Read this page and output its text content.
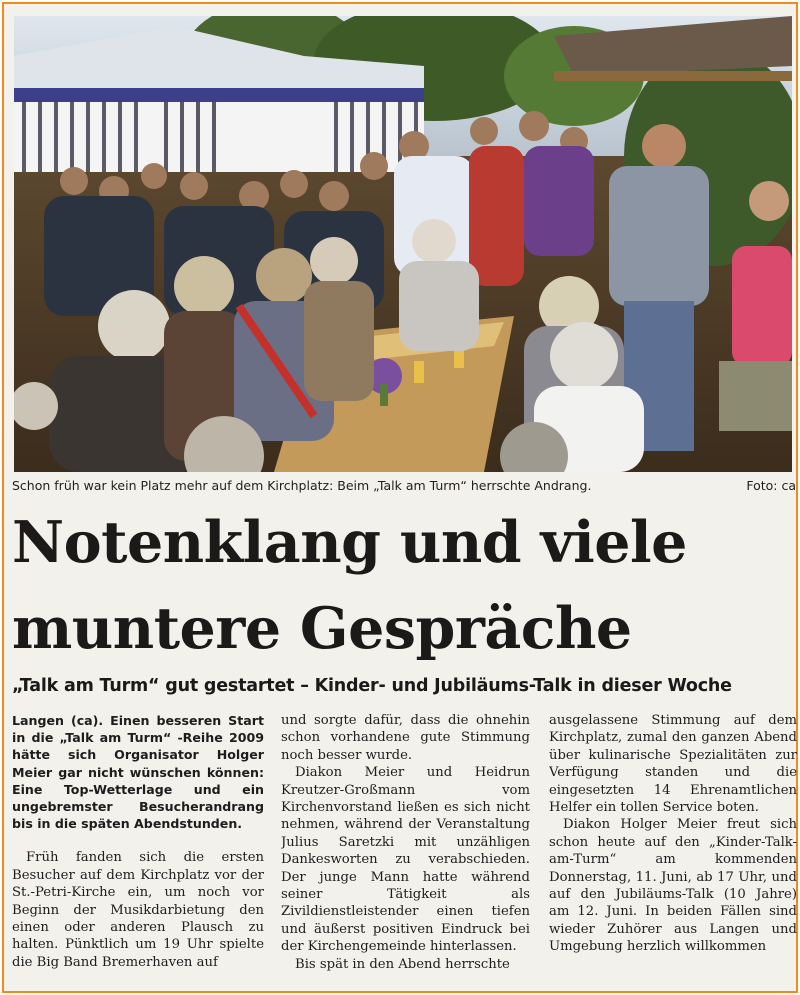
Schon früh war kein Platz mehr auf dem Kirchplatz: Beim „Talk am Turm“ herrschte Andrang.	Foto: ca
Notenklang und viele
muntere Gespräche
„Talk am Turm“ gut gestartet – Kinder- und Jubiläums-Talk in dieser Woche

Langen (ca). Einen besseren Start in die „Talk am Turm“ -Reihe 2009 hätte sich Organisator Holger Meier gar nicht wünschen können: Eine Top-Wetterlage und ein ungebremster Besucherandrang bis in die späten Abendstunden.

Früh fanden sich die ersten Besucher auf dem Kirchplatz vor der St.-Petri-Kirche ein, um noch vor Beginn der Musikdarbietung den einen oder anderen Plausch zu halten. Pünktlich um 19 Uhr spielte die Big Band Bremerhaven auf

und sorgte dafür, dass die ohnehin schon vorhandene gute Stimmung noch besser wurde.

Diakon Meier und Heidrun Kreutzer-Großmann vom Kirchenvorstand ließen es sich nicht nehmen, während der Veranstaltung Julius Saretzki mit unzähligen Dankesworten zu verabschieden. Der junge Mann hatte während seiner Tätigkeit als Zivildienstleistender einen tiefen und äußerst positiven Eindruck bei der Kirchengemeinde hinterlassen.

Bis spät in den Abend herrschte

ausgelassene Stimmung auf dem Kirchplatz, zumal den ganzen Abend über kulinarische Spezialitäten zur Verfügung standen und die eingesetzten 14 Ehrenamtlichen Helfer ein tollen Service boten.

Diakon Holger Meier freut sich schon heute auf den „Kinder-Talk-am-Turm“ am kommenden Donnerstag, 11. Juni, ab 17 Uhr, und auf den Jubiläums-Talk (10 Jahre) am 12. Juni. In beiden Fällen sind wieder Zuhörer aus Langen und Umgebung herzlich willkommen
